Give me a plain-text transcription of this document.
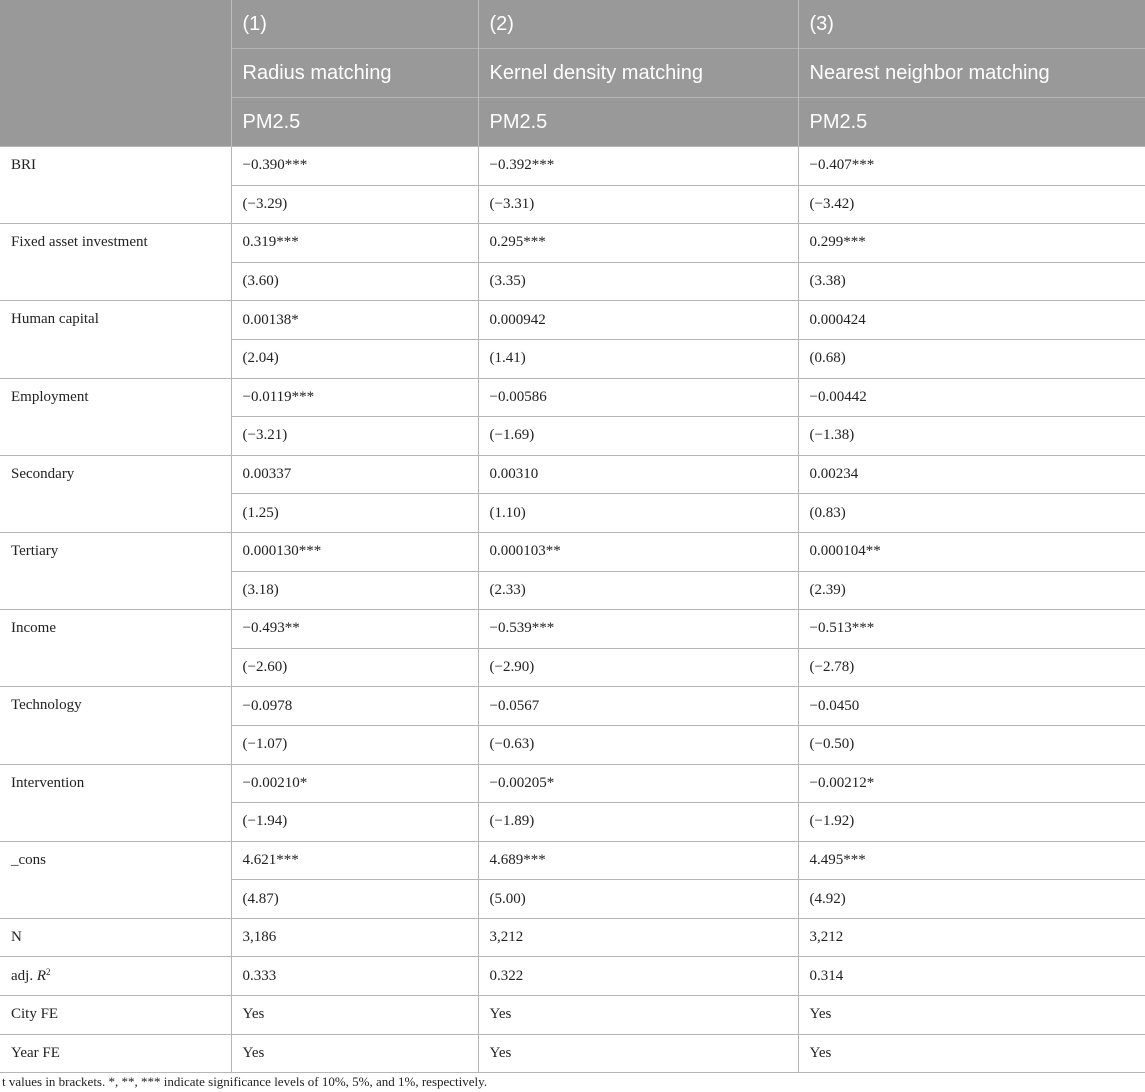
	(1)	(2)	(3)
	Radius matching	Kernel density matching	Nearest neighbor matching
	PM2.5	PM2.5	PM2.5
BRI	−0.390***	−0.392***	−0.407***
	(−3.29)	(−3.31)	(−3.42)
Fixed asset investment	0.319***	0.295***	0.299***
	(3.60)	(3.35)	(3.38)
Human capital	0.00138*	0.000942	0.000424
	(2.04)	(1.41)	(0.68)
Employment	−0.0119***	−0.00586	−0.00442
	(−3.21)	(−1.69)	(−1.38)
Secondary	0.00337	0.00310	0.00234
	(1.25)	(1.10)	(0.83)
Tertiary	0.000130***	0.000103**	0.000104**
	(3.18)	(2.33)	(2.39)
Income	−0.493**	−0.539***	−0.513***
	(−2.60)	(−2.90)	(−2.78)
Technology	−0.0978	−0.0567	−0.0450
	(−1.07)	(−0.63)	(−0.50)
Intervention	−0.00210*	−0.00205*	−0.00212*
	(−1.94)	(−1.89)	(−1.92)
_cons	4.621***	4.689***	4.495***
	(4.87)	(5.00)	(4.92)
N	3,186	3,212	3,212
adj. $R^2$	0.333	0.322	0.314
City FE	Yes	Yes	Yes
Year FE	Yes	Yes	Yes
t values in brackets. *, **, *** indicate significance levels of 10%, 5%, and 1%, respectively.
